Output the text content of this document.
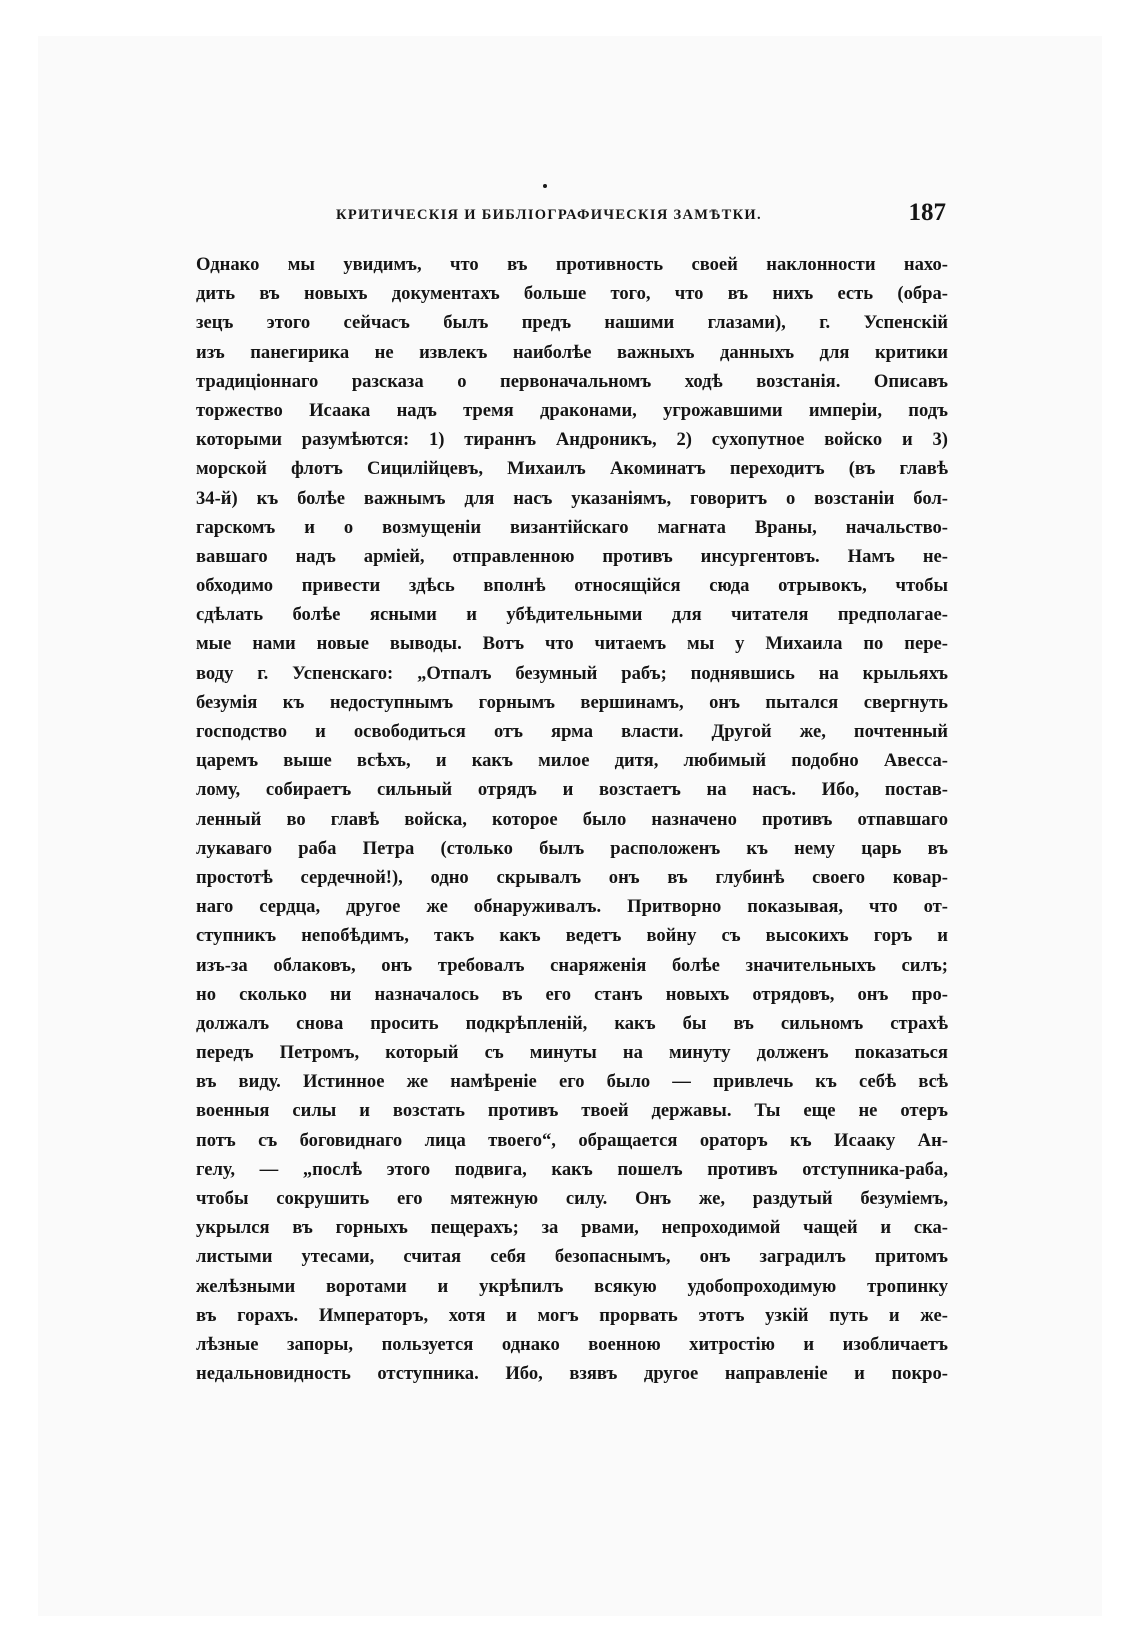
КРИТИЧЕСКІЯ И БИБЛІОГРАФИЧЕСКІЯ ЗАМѢТКИ.	187
Однако мы увидимъ, что въ противность своей наклонности нахо-
дить въ новыхъ документахъ больше того, что въ нихъ есть (обра-
зецъ этого сейчасъ былъ предъ нашими глазами), г. Успенскій
изъ панегирика не извлекъ наиболѣе важныхъ данныхъ для критики
традиціоннаго разсказа о первоначальномъ ходѣ возстанія. Описавъ
торжество Исаака надъ тремя драконами, угрожавшими имперіи, подъ
которыми разумѣются: 1) тираннъ Андроникъ, 2) сухопутное войско и 3)
морской флотъ Сицилійцевъ, Михаилъ Акоминатъ переходитъ (въ главѣ
34-й) къ болѣе важнымъ для насъ указаніямъ, говоритъ о возстаніи бол-
гарскомъ и о возмущеніи византійскаго магната Враны, начальство-
вавшаго надъ арміей, отправленною противъ инсургентовъ. Намъ не-
обходимо привести здѣсь вполнѣ относящійся сюда отрывокъ, чтобы
сдѣлать болѣе ясными и убѣдительными для читателя предполагае-
мые нами новые выводы. Вотъ что читаемъ мы у Михаила по пере-
воду г. Успенскаго: „Отпалъ безумный рабъ; поднявшись на крыльяхъ
безумія къ недоступнымъ горнымъ вершинамъ, онъ пытался свергнуть
господство и освободиться отъ ярма власти. Другой же, почтенный
царемъ выше всѣхъ, и какъ милое дитя, любимый подобно Авесса-
лому, собираетъ сильный отрядъ и возстаетъ на насъ. Ибо, постав-
ленный во главѣ войска, которое было назначено противъ отпавшаго
лукаваго раба Петра (столько былъ расположенъ къ нему царь въ
простотѣ сердечной!), одно скрывалъ онъ въ глубинѣ своего ковар-
наго сердца, другое же обнаруживалъ. Притворно показывая, что от-
ступникъ непобѣдимъ, такъ какъ ведетъ войну съ высокихъ горъ и
изъ-за облаковъ, онъ требовалъ снаряженія болѣе значительныхъ силъ;
но сколько ни назначалось въ его станъ новыхъ отрядовъ, онъ про-
должалъ снова просить подкрѣпленій, какъ бы въ сильномъ страхѣ
передъ Петромъ, который съ минуты на минуту долженъ показаться
въ виду. Истинное же намѣреніе его было — привлечь къ себѣ всѣ
военныя силы и возстать противъ твоей державы. Ты еще не отеръ
потъ съ боговиднаго лица твоего“, обращается ораторъ къ Исааку Ан-
гелу, — „послѣ этого подвига, какъ пошелъ противъ отступника-раба,
чтобы сокрушить его мятежную силу. Онъ же, раздутый безуміемъ,
укрылся въ горныхъ пещерахъ; за рвами, непроходимой чащей и ска-
листыми утесами, считая себя безопаснымъ, онъ заградилъ притомъ
желѣзными воротами и укрѣпилъ всякую удобопроходимую тропинку
въ горахъ. Императоръ, хотя и могъ прорвать этотъ узкій путь и же-
лѣзные запоры, пользуется однако военною хитростію и изобличаетъ
недальновидность отступника. Ибо, взявъ другое направленіе и покро-
